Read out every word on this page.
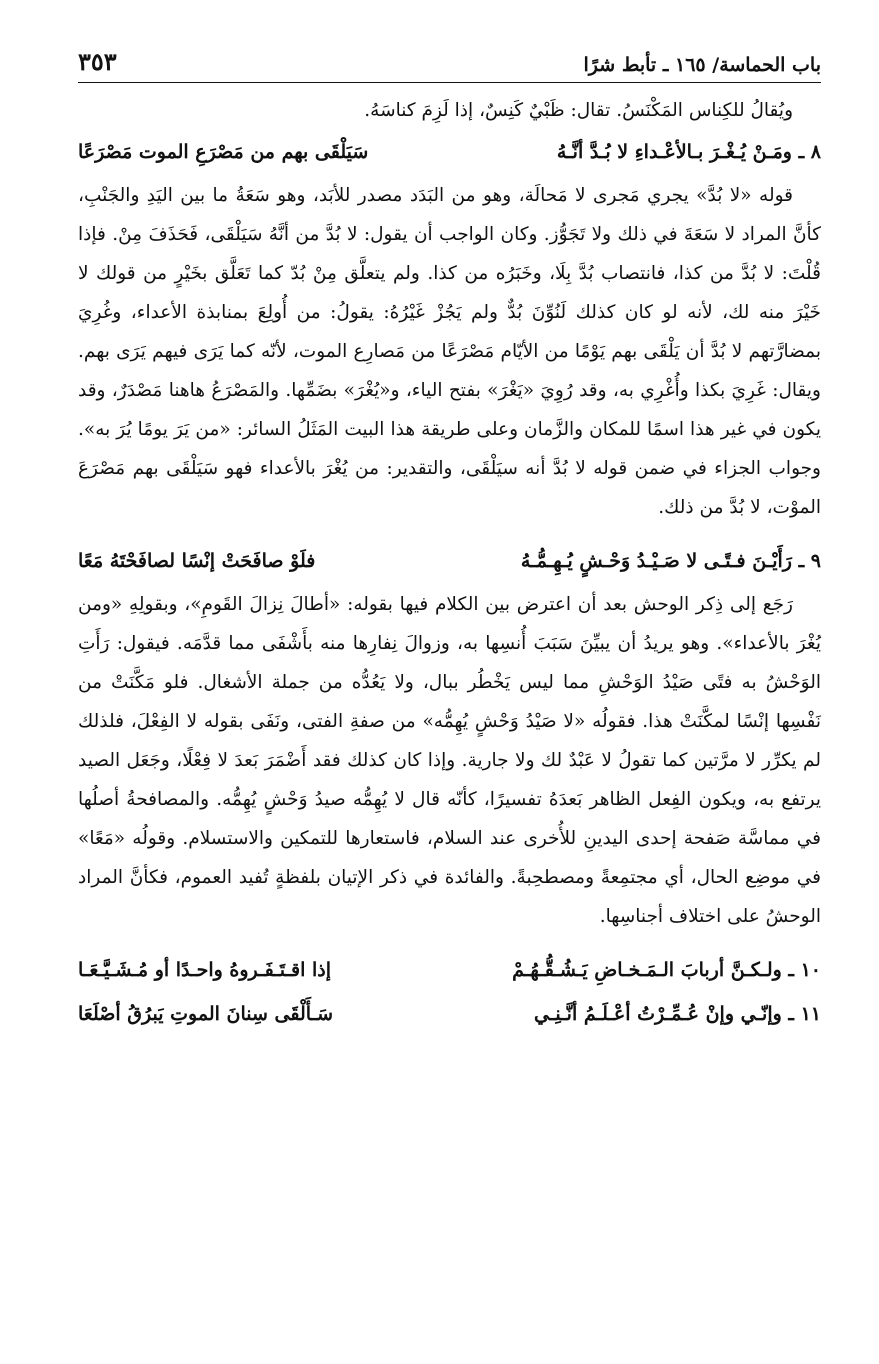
باب الحماسة/ ١٦٥ ـ تأبط شرًا
٣٥٣

ويُقالُ للكِناس المَكْنَسُ. تقال: ظَبْيٌ كَنِسٌ، إذا لَزِمَ كناسَهُ.

٨ ـ ومَـنْ يُـغْـرَ بـالأعْـداءِ لا بُـدَّ أنَّـهُ
سَيَلْقَى بهم من مَصْرَعِ الموت مَصْرَعًا

قوله «لا بُدَّ» يجري مَجرى لا مَحالَة، وهو من البَدَد مصدر للأبَد، وهو سَعَةُ ما بين اليَدِ والجَنْبِ، كأنَّ المراد لا سَعَةَ في ذلك ولا تَجَوُّز. وكان الواجب أن يقول: لا بُدَّ من أنَّهُ سَيَلْقَى، فَحَذَفَ مِنْ. فإذا قُلْتَ: لا بُدَّ من كذا، فانتصاب بُدَّ بِلَا، وخَبَرُه من كذا. ولم يتعلَّق مِنْ بُدّ كما تَعَلَّق بخَيْرٍ من قولك لا خَيْرَ منه لك، لأنه لو كان كذلك لَنُوِّنَ بُدٌّ ولم يَجُزْ غَيْرُهُ: يقولُ: من أُولِعَ بمنابذة الأعداء، وغُرِيَ بمضارَّتهم لا بُدَّ أن يَلْقَى بهم يَوْمًا من الأيّام مَصْرَعًا من مَصارِع الموت، لأنّه كما يَرَى فيهم يَرَى بهم. ويقال: غَرِيَ بكذا وأُغْرِي به، وقد رُوِيَ «يَغْرَ» بفتح الياء، و«يُغْرَ» بضَمِّها. والمَصْرَعُ هاهنا مَصْدَرٌ، وقد يكون في غير هذا اسمًا للمكان والزَّمان وعلى طريقة هذا البيت المَثَلُ السائر: «من يَرَ يومًا يُرَ به». وجواب الجزاء في ضمن قوله لا بُدَّ أنه سيَلْقَى، والتقدير: من يُغْرَ بالأعداء فهو سَيَلْقَى بهم مَصْرَعَ الموْت، لا بُدَّ من ذلك.

٩ ـ رَأَيْـنَ فـتًـى لا صَـيْـدُ وَحْـشٍ يُـهِـمُّـهُ
فلَوْ صافَحَتْ إنْسًا لصافَحْتَهُ مَعًا

رَجَع إلى ذِكر الوحش بعد أن اعترض بين الكلام فيها بقوله: «أطالَ نِزالَ القَومِ»، وبقولِهِ «ومن يُغْرَ بالأعداء». وهو يريدُ أن يبيِّنَ سَبَبَ أُنسِها به، وزوالَ نِفارِها منه بأَشْفَى مما قدَّمَه. فيقول: رَأَتِ الوَحْشُ به فتًى صَيْدُ الوَحْشِ مما ليس يَخْطُر ببال، ولا يَعُدُّه من جملة الأشغال. فلو مَكَّنَتْ من نَفْسِها إنْسًا لمكَّنَتْ هذا. فقولُه «لا صَيْدُ وَحْشٍ يُهِمُّه» من صفةِ الفتى، ونَفَى بقوله لا الفِعْلَ، فلذلك لم يكرِّر لا مرَّتين كما تقولُ لا عَبْدٌ لك ولا جارية. وإذا كان كذلك فقد أَضْمَرَ بَعدَ لا فِعْلًا، وجَعَل الصيد يرتفع به، ويكون الفِعل الظاهر بَعدَهُ تفسيرًا، كأنّه قال لا يُهِمُّه صيدُ وَحْشٍ يُهِمُّه. والمصافحةُ أصلُها في مماسَّة صَفحة إحدى اليدينِ للأُخرى عند السلام، فاستعارها للتمكين والاستسلام. وقولُه «مَعًا» في موضِع الحال، أي مجتمِعةً ومصطحِبةً. والفائدة في ذكر الإتيان بلفظةٍ تُفيد العموم، فكأنَّ المراد الوحشُ على اختلاف أجناسِها.

١٠ ـ ولـكـنَّ أربابَ الـمَـخـاضِ يَـشُـقُّـهُـمْ
إذا اقـتَـفَـروهُ واحـدًا أو مُـشَـيَّـعَـا
١١ ـ وإنّـي وإنْ عُـمِّـرْتُ أعْـلَـمُ أنَّـنِـي
سَـأَلْقَى سِنانَ الموتِ يَبرُقُ أصْلَعَا
